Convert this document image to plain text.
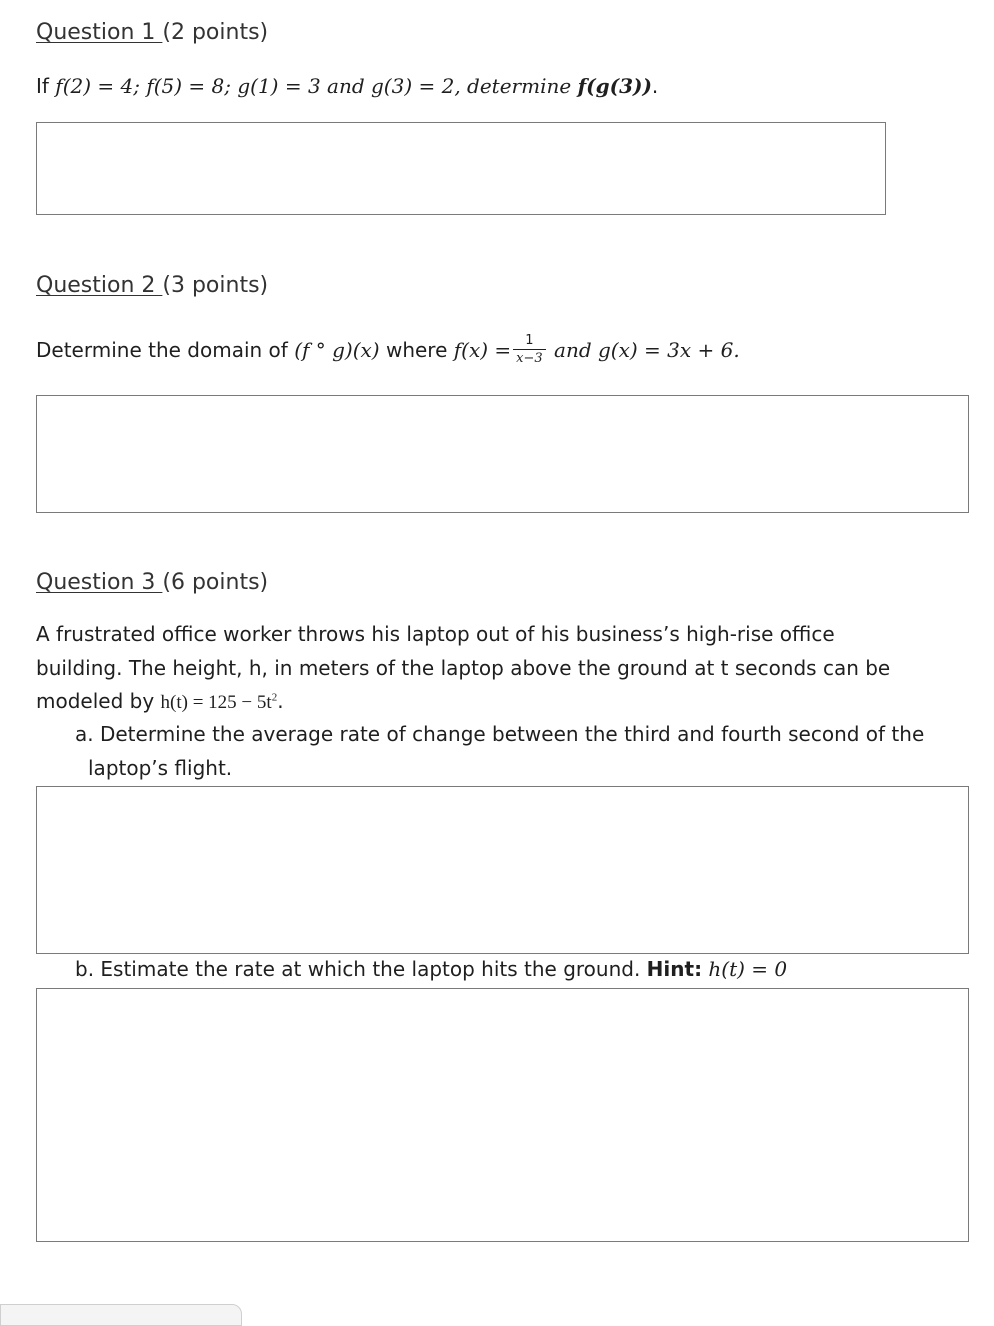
Question 1 (2 points)
If f(2) = 4; f(5) = 8; g(1) = 3 and g(3) = 2, determine f(g(3)).
Question 2 (3 points)
Determine the domain of (f ° g)(x) where $f(x) = \frac{1}{x-3}$ and g(x) = 3x + 6.
Question 3 (6 points)
A frustrated office worker throws his laptop out of his business’s high-rise office
building. The height, h, in meters of the laptop above the ground at t seconds can be
modeled by $h(t) = 125 - 5t^2$.
a. Determine the average rate of change between the third and fourth second of the
laptop’s flight.
b. Estimate the rate at which the laptop hits the ground. Hint: h(t) = 0
